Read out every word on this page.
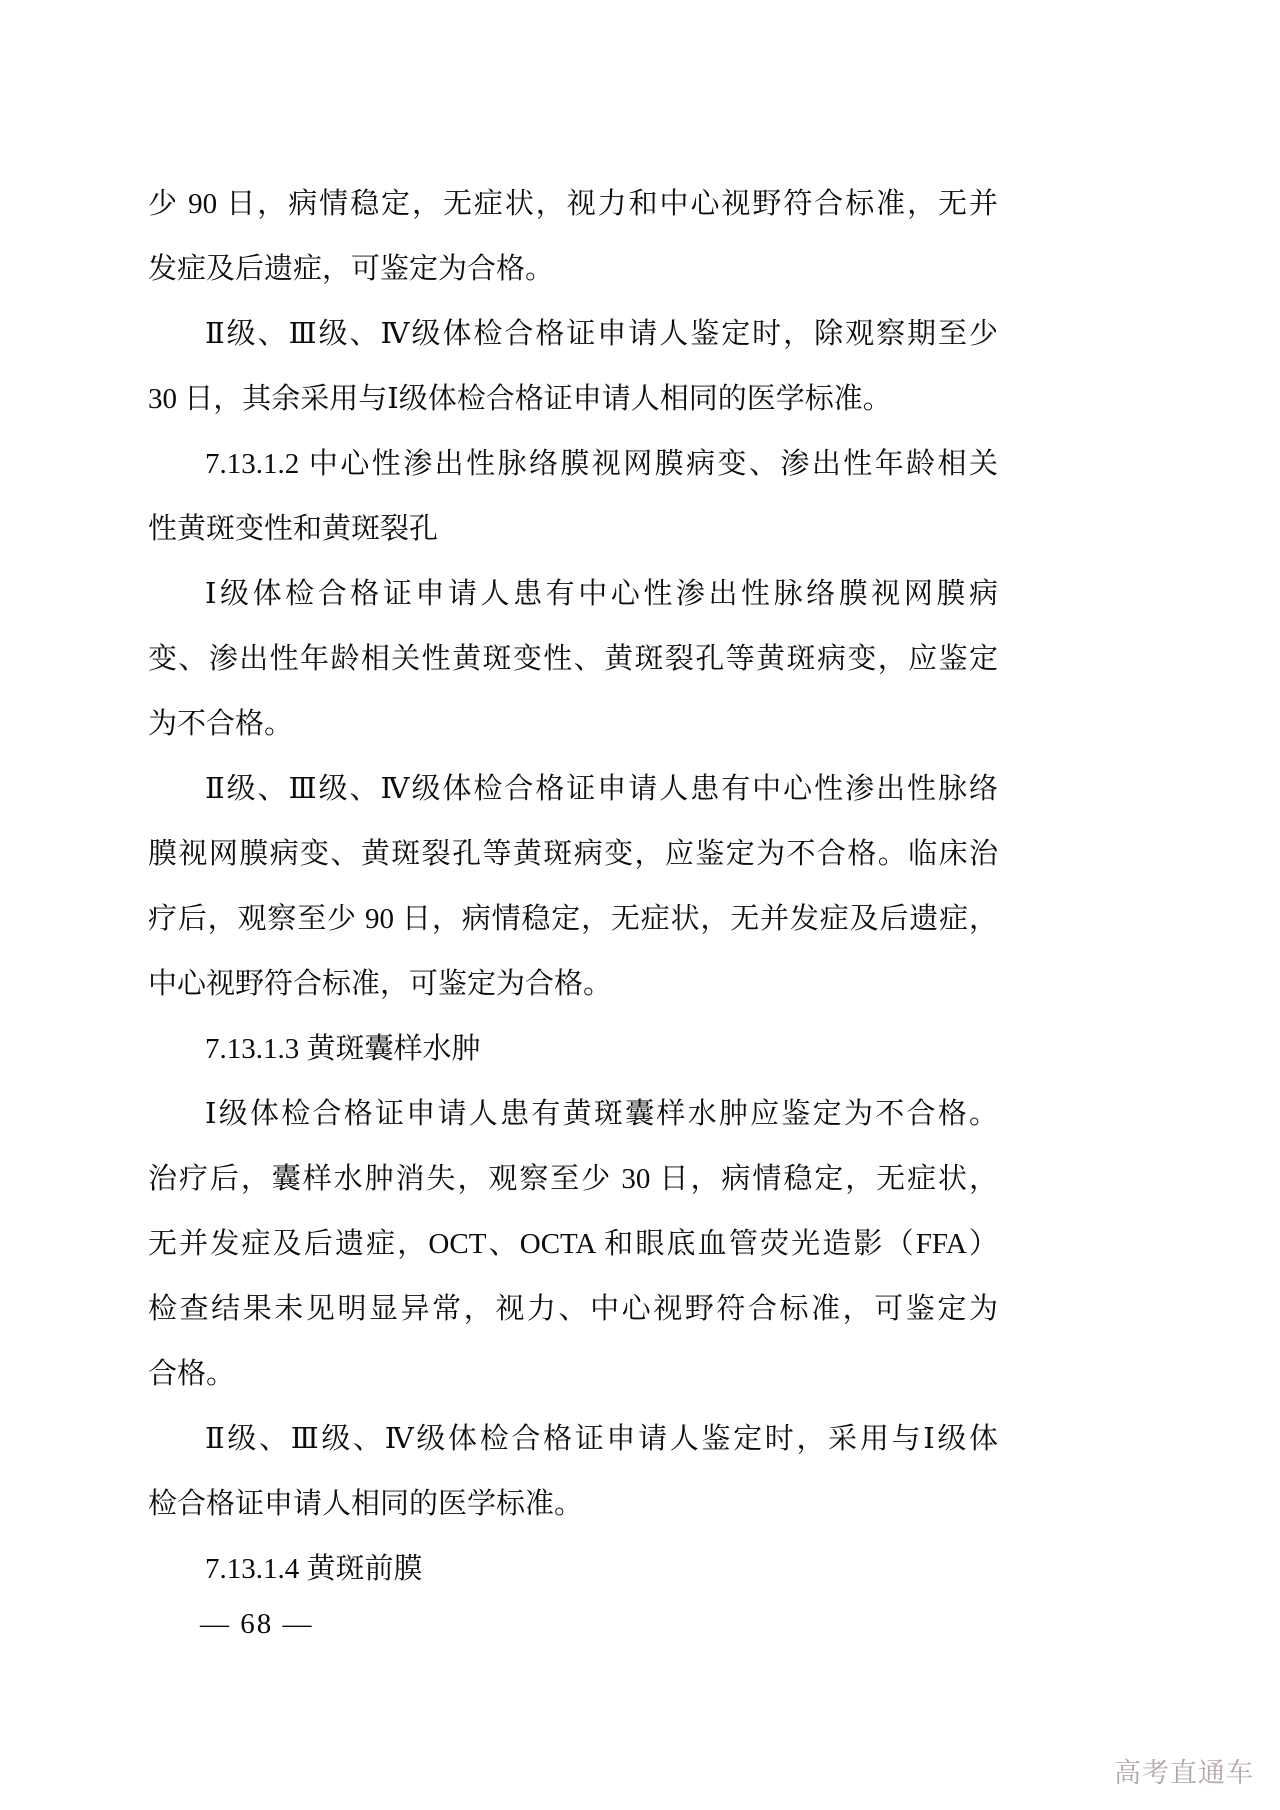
少 90 日，病情稳定，无症状，视力和中心视野符合标准，无并
发症及后遗症，可鉴定为合格。
Ⅱ级、Ⅲ级、Ⅳ级体检合格证申请人鉴定时，除观察期至少
30 日，其余采用与Ⅰ级体检合格证申请人相同的医学标准。
7.13.1.2 中心性渗出性脉络膜视网膜病变、渗出性年龄相关
性黄斑变性和黄斑裂孔
Ⅰ级体检合格证申请人患有中心性渗出性脉络膜视网膜病
变、渗出性年龄相关性黄斑变性、黄斑裂孔等黄斑病变，应鉴定
为不合格。
Ⅱ级、Ⅲ级、Ⅳ级体检合格证申请人患有中心性渗出性脉络
膜视网膜病变、黄斑裂孔等黄斑病变，应鉴定为不合格。临床治
疗后，观察至少 90 日，病情稳定，无症状，无并发症及后遗症，
中心视野符合标准，可鉴定为合格。
7.13.1.3 黄斑囊样水肿
Ⅰ级体检合格证申请人患有黄斑囊样水肿应鉴定为不合格。
治疗后，囊样水肿消失，观察至少 30 日，病情稳定，无症状，
无并发症及后遗症，OCT、OCTA 和眼底血管荧光造影（FFA）
检查结果未见明显异常，视力、中心视野符合标准，可鉴定为
合格。
Ⅱ级、Ⅲ级、Ⅳ级体检合格证申请人鉴定时，采用与Ⅰ级体
检合格证申请人相同的医学标准。
7.13.1.4 黄斑前膜
— 68 —
高考直通车
